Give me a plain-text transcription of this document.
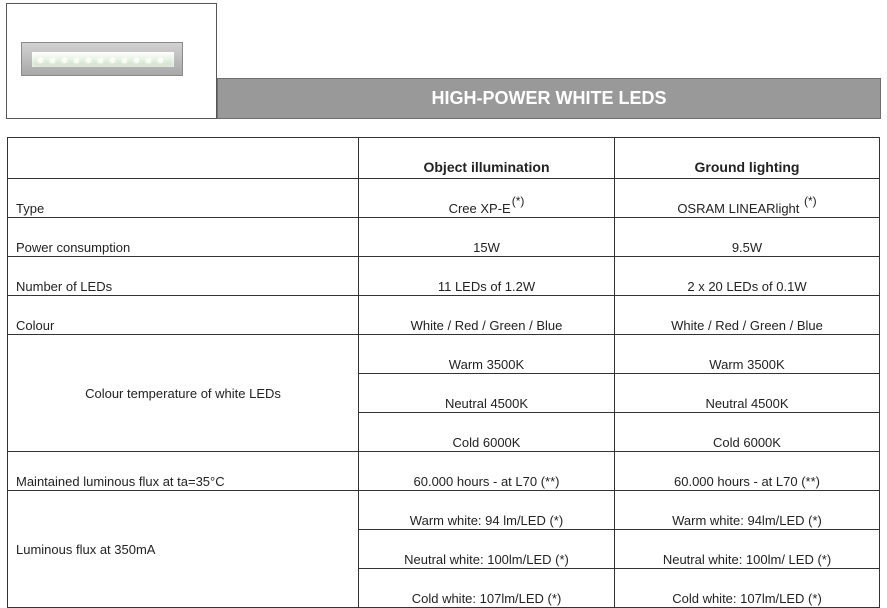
HIGH-POWER WHITE LEDS
	Object illumination	Ground lighting
Type	Cree XP-E(*)	OSRAM LINEARlight (*)
Power consumption	15W	9.5W
Number of LEDs	11 LEDs of 1.2W	2 x 20 LEDs of 0.1W
Colour	White / Red / Green / Blue	White / Red / Green / Blue
Colour temperature of white LEDs	Warm 3500K	Warm 3500K
	Neutral 4500K	Neutral 4500K
	Cold 6000K	Cold 6000K
Maintained luminous flux at ta=35°C	60.000 hours - at L70 (**)	60.000 hours - at L70 (**)
Luminous flux at 350mA	Warm white: 94 lm/LED (*)	Warm white: 94lm/LED (*)
	Neutral white: 100lm/LED (*)	Neutral white: 100lm/ LED (*)
	Cold white: 107lm/LED (*)	Cold white: 107lm/LED (*)
